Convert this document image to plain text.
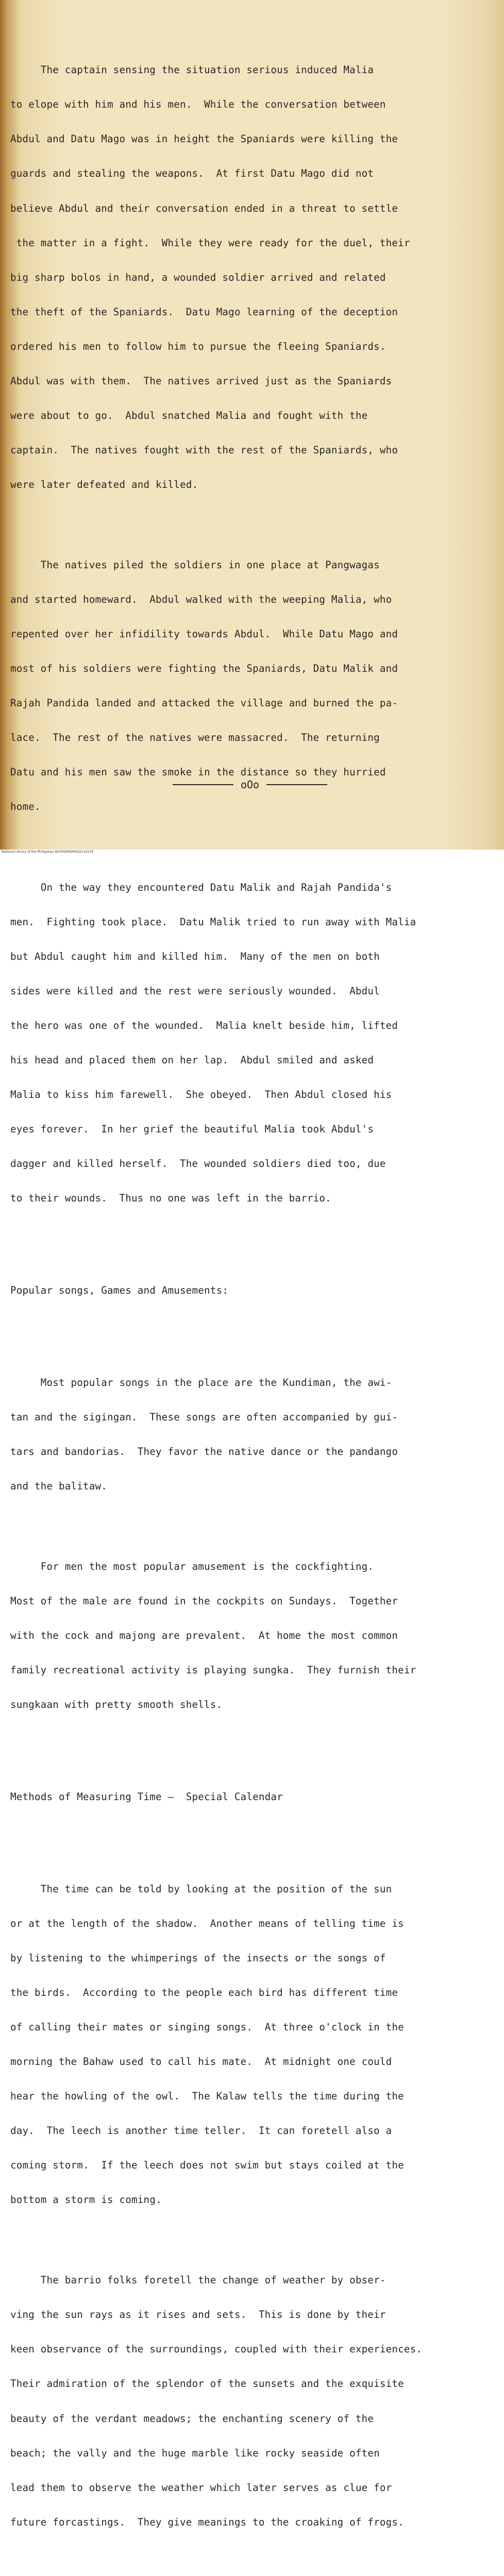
The captain sensing the situation serious induced Malia

to elope with him and his men.  While the conversation between

Abdul and Datu Mago was in height the Spaniards were killing the

guards and stealing the weapons.  At first Datu Mago did not

believe Abdul and their conversation ended in a threat to settle

the matter in a fight.  While they were ready for the duel, their

big sharp bolos in hand, a wounded soldier arrived and related

the theft of the Spaniards.  Datu Mago learning of the deception

ordered his men to follow him to pursue the fleeing Spaniards.

Abdul was with them.  The natives arrived just as the Spaniards

were about to go.  Abdul snatched Malia and fought with the

captain.  The natives fought with the rest of the Spaniards, who

were later defeated and killed.

The natives piled the soldiers in one place at Pangwagas

and started homeward.  Abdul walked with the weeping Malia, who

repented over her infidility towards Abdul.  While Datu Mago and

most of his soldiers were fighting the Spaniards, Datu Malik and

Rajah Pandida landed and attacked the village and burned the pa-

lace.  The rest of the natives were massacred.  The returning

Datu and his men saw the smoke in the distance so they hurried

home.

On the way they encountered Datu Malik and Rajah Pandida's

men.  Fighting took place.  Datu Malik tried to run away with Malia

but Abdul caught him and killed him.  Many of the men on both

sides were killed and the rest were seriously wounded.  Abdul

the hero was one of the wounded.  Malia knelt beside him, lifted

his head and placed them on her lap.  Abdul smiled and asked

Malia to kiss him farewell.  She obeyed.  Then Abdul closed his

eyes forever.  In her grief the beautiful Malia took Abdul's

dagger and killed herself.  The wounded soldiers died too, due

to their wounds.  Thus no one was left in the barrio.

Popular songs, Games and Amusements:

Most popular songs in the place are the Kundiman, the awi-

tan and the sigingan.  These songs are often accompanied by gui-

tars and bandorias.  They favor the native dance or the pandango

and the balitaw.

For men the most popular amusement is the cockfighting.

Most of the male are found in the cockpits on Sundays.  Together

with the cock and majong are prevalent.  At home the most common

family recreational activity is playing sungka.  They furnish their

sungkaan with pretty smooth shells.

Methods of Measuring Time —  Special Calendar

The time can be told by looking at the position of the sun

or at the length of the shadow.  Another means of telling time is

by listening to the whimperings of the insects or the songs of

the birds.  According to the people each bird has different time

of calling their mates or singing songs.  At three o'clock in the

morning the Bahaw used to call his mate.  At midnight one could

hear the howling of the owl.  The Kalaw tells the time during the

day.  The leech is another time teller.  It can foretell also a

coming storm.  If the leech does not swim but stays coiled at the

bottom a storm is coming.

The barrio folks foretell the change of weather by obser-

ving the sun rays as it rises and sets.  This is done by their

keen observance of the surroundings, coupled with their experiences.

Their admiration of the splendor of the sunsets and the exquisite

beauty of the verdant meadows; the enchanting scenery of the

beach; the vally and the huge marble like rocky seaside often

lead them to observe the weather which later serves as clue for

future forcastings.  They give meanings to the croaking of frogs.

oOo
National Library of the Philippines NLPOGENDMSQ51163.tif
